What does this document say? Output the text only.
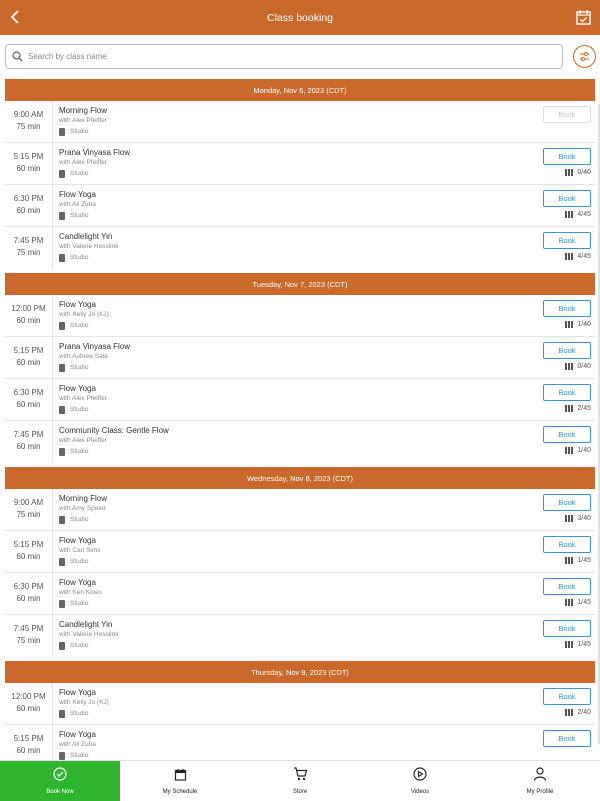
Class booking
Search by class name
Monday, Nov 6, 2023 (CDT)
9:00 AM
75 min
Morning Flow
with Alex Pfeiffer
Studio
Book
5:15 PM
60 min
Prana Vinyasa Flow
with Alex Pfeiffer
Studio
Book
0/40
6:30 PM
60 min
Flow Yoga
with Ali Zuba
Studio
Book
4/45
7:45 PM
75 min
Candlelight Yin
with Valerie Hesslink
Studio
Book
4/45
Tuesday, Nov 7, 2023 (CDT)
12:00 PM
60 min
Flow Yoga
with Kelly Jo (KJ)
Studio
Book
1/40
5:15 PM
60 min
Prana Vinyasa Flow
with Aubree Sala
Studio
Book
0/40
6:30 PM
60 min
Flow Yoga
with Alex Pfeiffer
Studio
Book
2/45
7:45 PM
60 min
Community Class: Gentle Flow
with Alex Pfeiffer
Studio
Book
1/40
Wednesday, Nov 8, 2023 (CDT)
9:00 AM
75 min
Morning Flow
with Amy Speed
Studio
Book
3/40
5:15 PM
60 min
Flow Yoga
with Cari Sims
Studio
Book
1/45
6:30 PM
60 min
Flow Yoga
with Ken Kloes
Studio
Book
1/45
7:45 PM
75 min
Candlelight Yin
with Valerie Hesslink
Studio
Book
1/45
Thursday, Nov 9, 2023 (CDT)
12:00 PM
60 min
Flow Yoga
with Kelly Jo (KJ)
Studio
Book
2/40
5:15 PM
60 min
Flow Yoga
with Ali Zuba
Studio
Book
Book Now	My Schedule	Store	Videos	My Profile
